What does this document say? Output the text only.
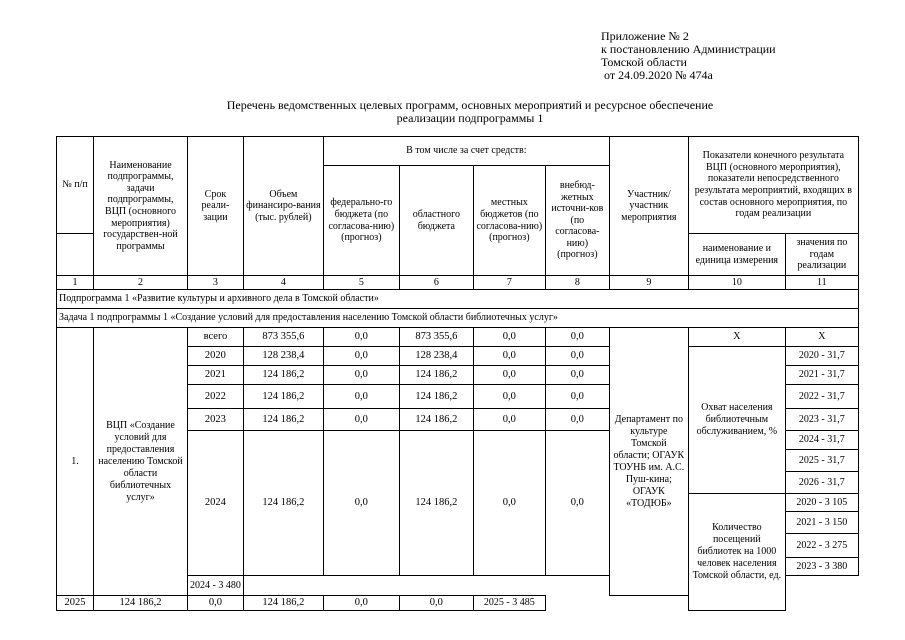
Приложение № 2
к постановлению Администрации
Томской области
от 24.09.2020 № 474а
Перечень ведомственных целевых программ, основных мероприятий и ресурсное обеспечение
реализации подпрограммы 1
№ п/п	Наименование подпрограммы, задачи подпрограммы, ВЦП (основного мероприятия) государствен-ной программы	Срок реали-зации	Объем финансиро-вания (тыс. рублей)	В том числе за счет средств:				Участник/ участник мероприятия	Показатели конечного результата ВЦП (основного мероприятия), показатели непосредственного результата мероприятий, входящих в состав основного мероприятия, по годам реализации	
				федерально-го бюджета (по согласова-нию) (прогноз)	областного бюджета	местных бюджетов (по согласова-нию) (прогноз)	внебюд-жетных источни-ков (по согласова-нию) (прогноз)			
									наименование и единица измерения	значения по годам реализации
1	2	3	4	5	6	7	8	9	10	11
Подпрограмма 1 «Развитие культуры и архивного дела в Томской области»										
Задача 1 подпрограммы 1 «Создание условий для предоставления населению Томской области библиотечных услуг»										
1.	ВЦП «Создание условий для предоставления населению Томской области библиотечных услуг»	всего	873 355,6	0,0	873 355,6	0,0	0,0	Департамент по культуре Томской области; ОГАУК ТОУНБ им. А.С. Пуш-кина; ОГАУК «ТОДЮБ»	Х	Х
		2020	128 238,4	0,0	128 238,4	0,0	0,0		Охват населения библиотечным обслуживанием, %	2020 - 31,7
		2021	124 186,2	0,0	124 186,2	0,0	0,0			2021 - 31,7
		2022	124 186,2	0,0	124 186,2	0,0	0,0			2022 - 31,7
		2023	124 186,2	0,0	124 186,2	0,0	0,0			2023 - 31,7
		2024	124 186,2	0,0	124 186,2	0,0	0,0			2024 - 31,7
										2025 - 31,7
										2026 - 31,7
									Количество посещений библиотек на 1000 человек населения Томской области, ед.	2020 - 3 105
										2021 - 3 150
										2022 - 3 275
										2023 - 3 380
		2024 - 3 480								
2025	124 186,2	0,0	124 186,2	0,0	0,0	2025 - 3 485				
